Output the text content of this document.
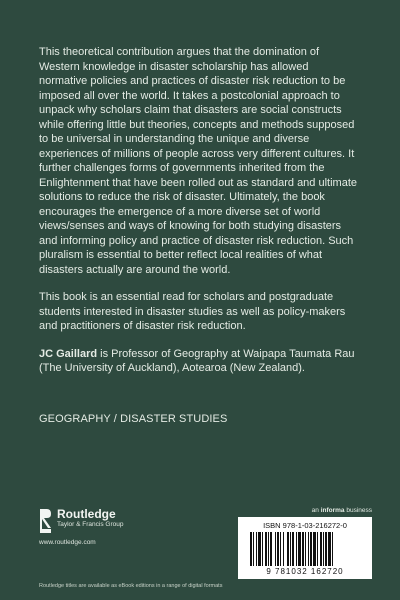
This theoretical contribution argues that the domination of Western knowledge in disaster scholarship has allowed normative policies and practices of disaster risk reduction to be imposed all over the world. It takes a postcolonial approach to unpack why scholars claim that disasters are social constructs while offering little but theories, concepts and methods supposed to be universal in understanding the unique and diverse experiences of millions of people across very different cultures. It further challenges forms of governments inherited from the Enlightenment that have been rolled out as standard and ultimate solutions to reduce the risk of disaster. Ultimately, the book encourages the emergence of a more diverse set of world views/senses and ways of knowing for both studying disasters and informing policy and practice of disaster risk reduction. Such pluralism is essential to better reflect local realities of what disasters actually are around the world.

This book is an essential read for scholars and postgraduate students interested in disaster studies as well as policy-makers and practitioners of disaster risk reduction.

JC Gaillard is Professor of Geography at Waipapa Taumata Rau (The University of Auckland), Aotearoa (New Zealand).

GEOGRAPHY / DISASTER STUDIES
Routledge
Taylor & Francis Group
www.routledge.com
an informa business
ISBN 978-1-03-216272-0
9 781032 162720
Routledge titles are available as eBook editions in a range of digital formats
